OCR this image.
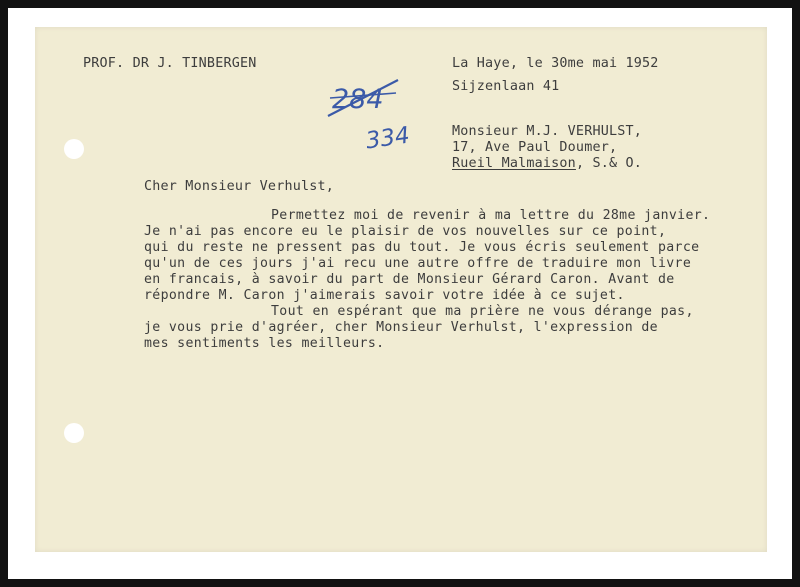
PROF. DR J. TINBERGEN	La Haye, le 30me mai 1952
Sijzenlaan 41
284
334	Monsieur M.J. VERHULST,
17, Ave Paul Doumer,
Rueil Malmaison, S.& O.
Cher Monsieur Verhulst,
Permettez moi de revenir à ma lettre du 28me janvier.
Je n'ai pas encore eu le plaisir de vos nouvelles sur ce point,
qui du reste ne pressent pas du tout. Je vous écris seulement parce
qu'un de ces jours j'ai recu une autre offre de traduire mon livre
en francais, à savoir du part de Monsieur Gérard Caron. Avant de
répondre M. Caron j'aimerais savoir votre idée à ce sujet.
Tout en espérant que ma prière ne vous dérange pas,
je vous prie d'agréer, cher Monsieur Verhulst, l'expression de
mes sentiments les meilleurs.
